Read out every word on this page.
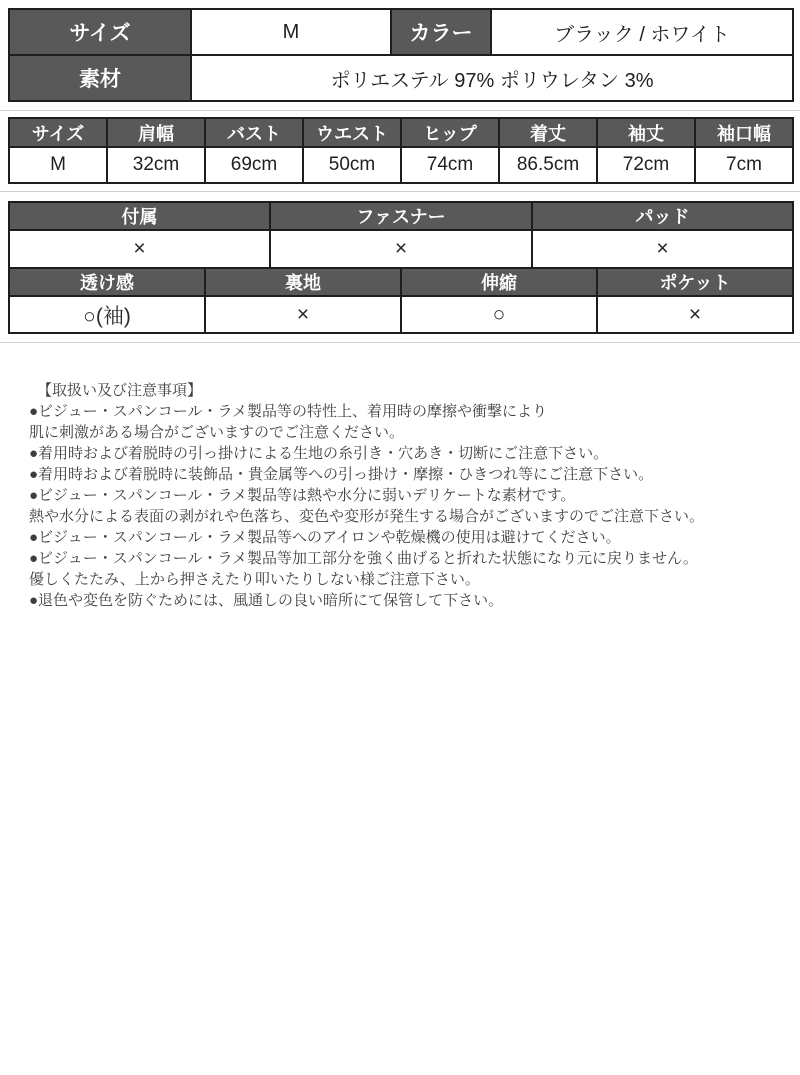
サイズ	M	カラー	ブラック / ホワイト
素材	ポリエステル 97% ポリウレタン 3%		
サイズ	肩幅	バスト	ウエスト	ヒップ	着丈	袖丈	袖口幅
M	32cm	69cm	50cm	74cm	86.5cm	72cm	7cm
付属	ファスナー	パッド
×	×	×
透け感	裏地	伸縮	ポケット
○(袖)	×	○	×

【取扱い及び注意事項】

●ビジュー・スパンコール・ラメ製品等の特性上、着用時の摩擦や衝撃により

肌に刺激がある場合がございますのでご注意ください。

●着用時および着脱時の引っ掛けによる生地の糸引き・穴あき・切断にご注意下さい。

●着用時および着脱時に装飾品・貴金属等への引っ掛け・摩擦・ひきつれ等にご注意下さい。

●ビジュー・スパンコール・ラメ製品等は熱や水分に弱いデリケートな素材です。

熱や水分による表面の剥がれや色落ち、変色や変形が発生する場合がございますのでご注意下さい。

●ビジュー・スパンコール・ラメ製品等へのアイロンや乾燥機の使用は避けてください。

●ビジュー・スパンコール・ラメ製品等加工部分を強く曲げると折れた状態になり元に戻りません。

優しくたたみ、上から押さえたり叩いたりしない様ご注意下さい。

●退色や変色を防ぐためには、風通しの良い暗所にて保管して下さい。
